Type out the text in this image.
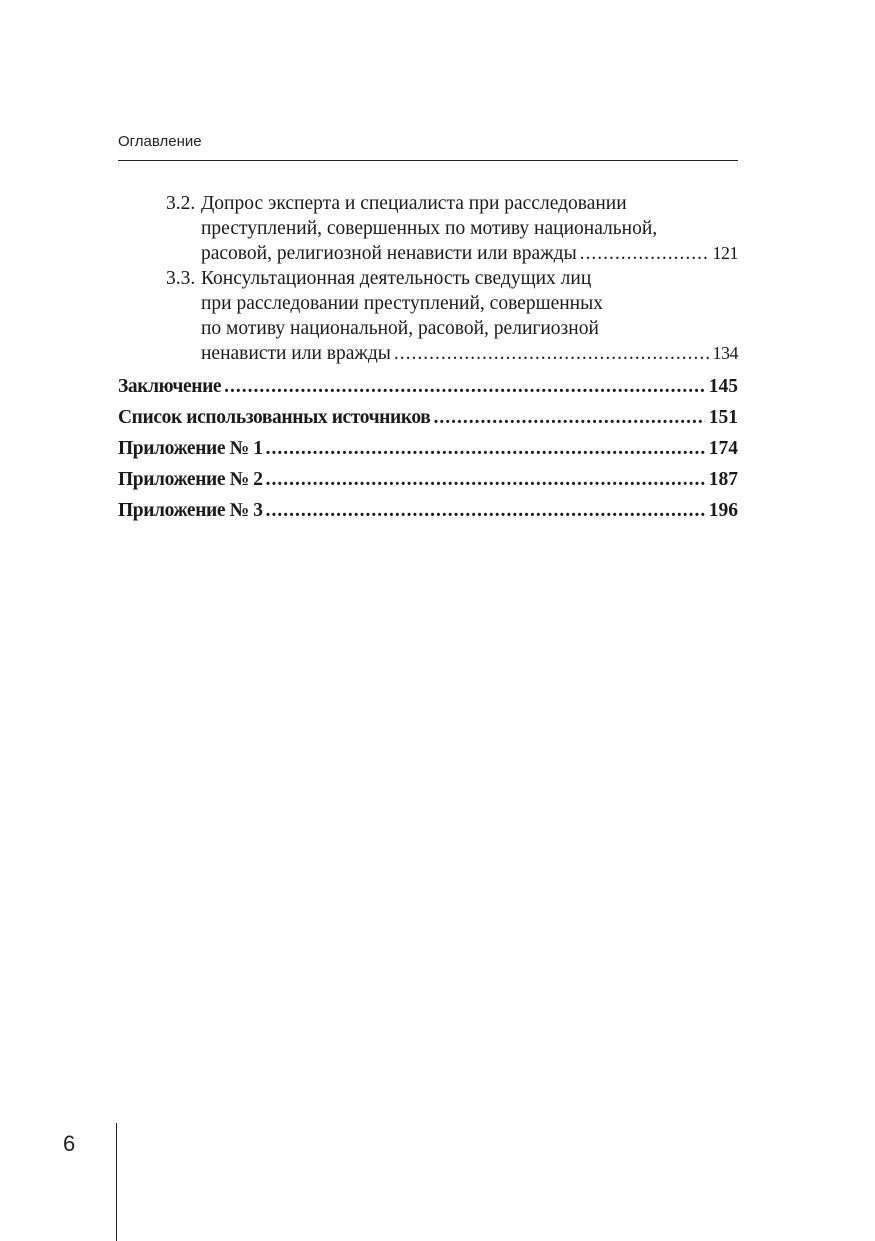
Оглавление
3.2. Допрос эксперта и специалиста при расследовании
преступлений, совершенных по мотиву национальной,
расовой, религиозной ненависти или вражды .....	121
3.3. Консультационная деятельность сведущих лиц
при расследовании преступлений, совершенных
по мотиву национальной, расовой, религиозной
ненависти или вражды .....	134
Заключение .....	145
Список использованных источников .....	151
Приложение № 1 .....	174
Приложение № 2 .....	187
Приложение № 3 .....	196
6
